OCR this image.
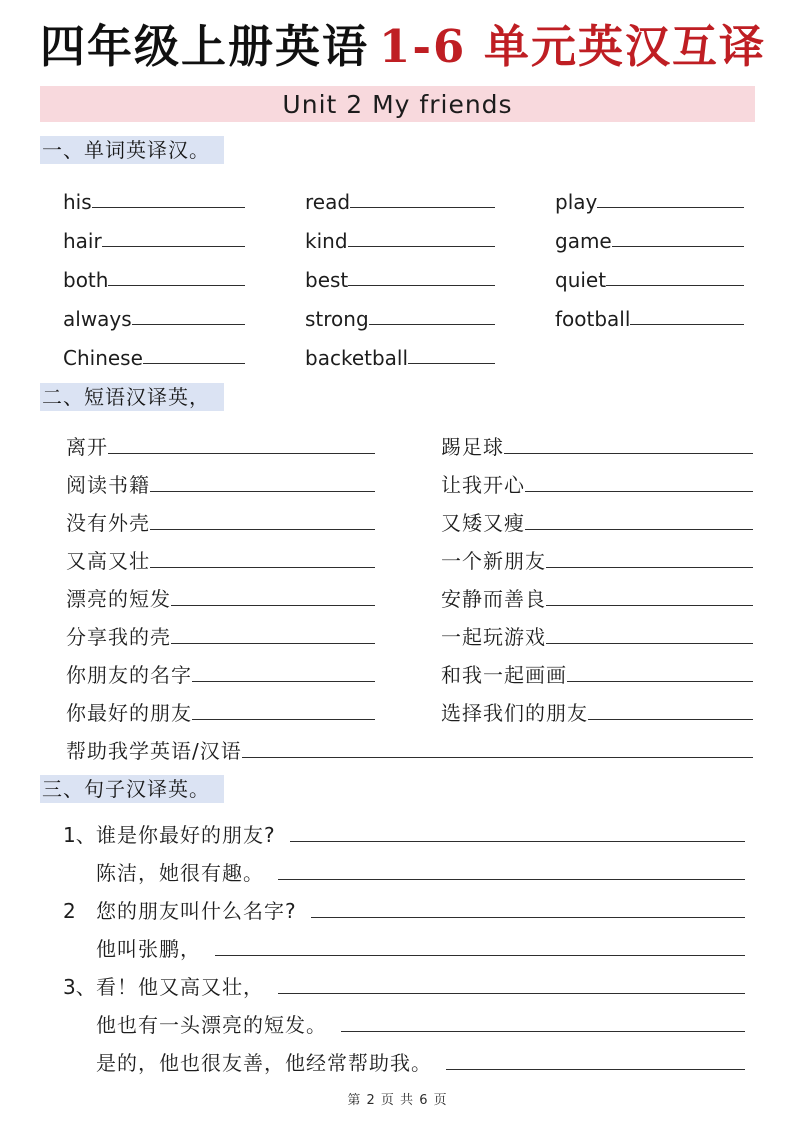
四年级上册英语 1-6 单元英汉互译
Unit 2 My friends
一、单词英译汉。
his	read	play
hair	kind	game
both	best	quiet
always	strong	football
Chinese	backetball
二、短语汉译英，
离开	踢足球
阅读书籍	让我开心
没有外壳	又矮又瘦
又高又壮	一个新朋友
漂亮的短发	安静而善良
分享我的壳	一起玩游戏
你朋友的名字	和我一起画画
你最好的朋友	选择我们的朋友
帮助我学英语/汉语
三、句子汉译英。
1、 谁是你最好的朋友?
陈洁，她很有趣。
2	您的朋友叫什么名字?
他叫张鹏，
3、 看！他又高又壮，
他也有一头漂亮的短发。
是的，他也很友善，他经常帮助我。
第 2 页 共 6 页
